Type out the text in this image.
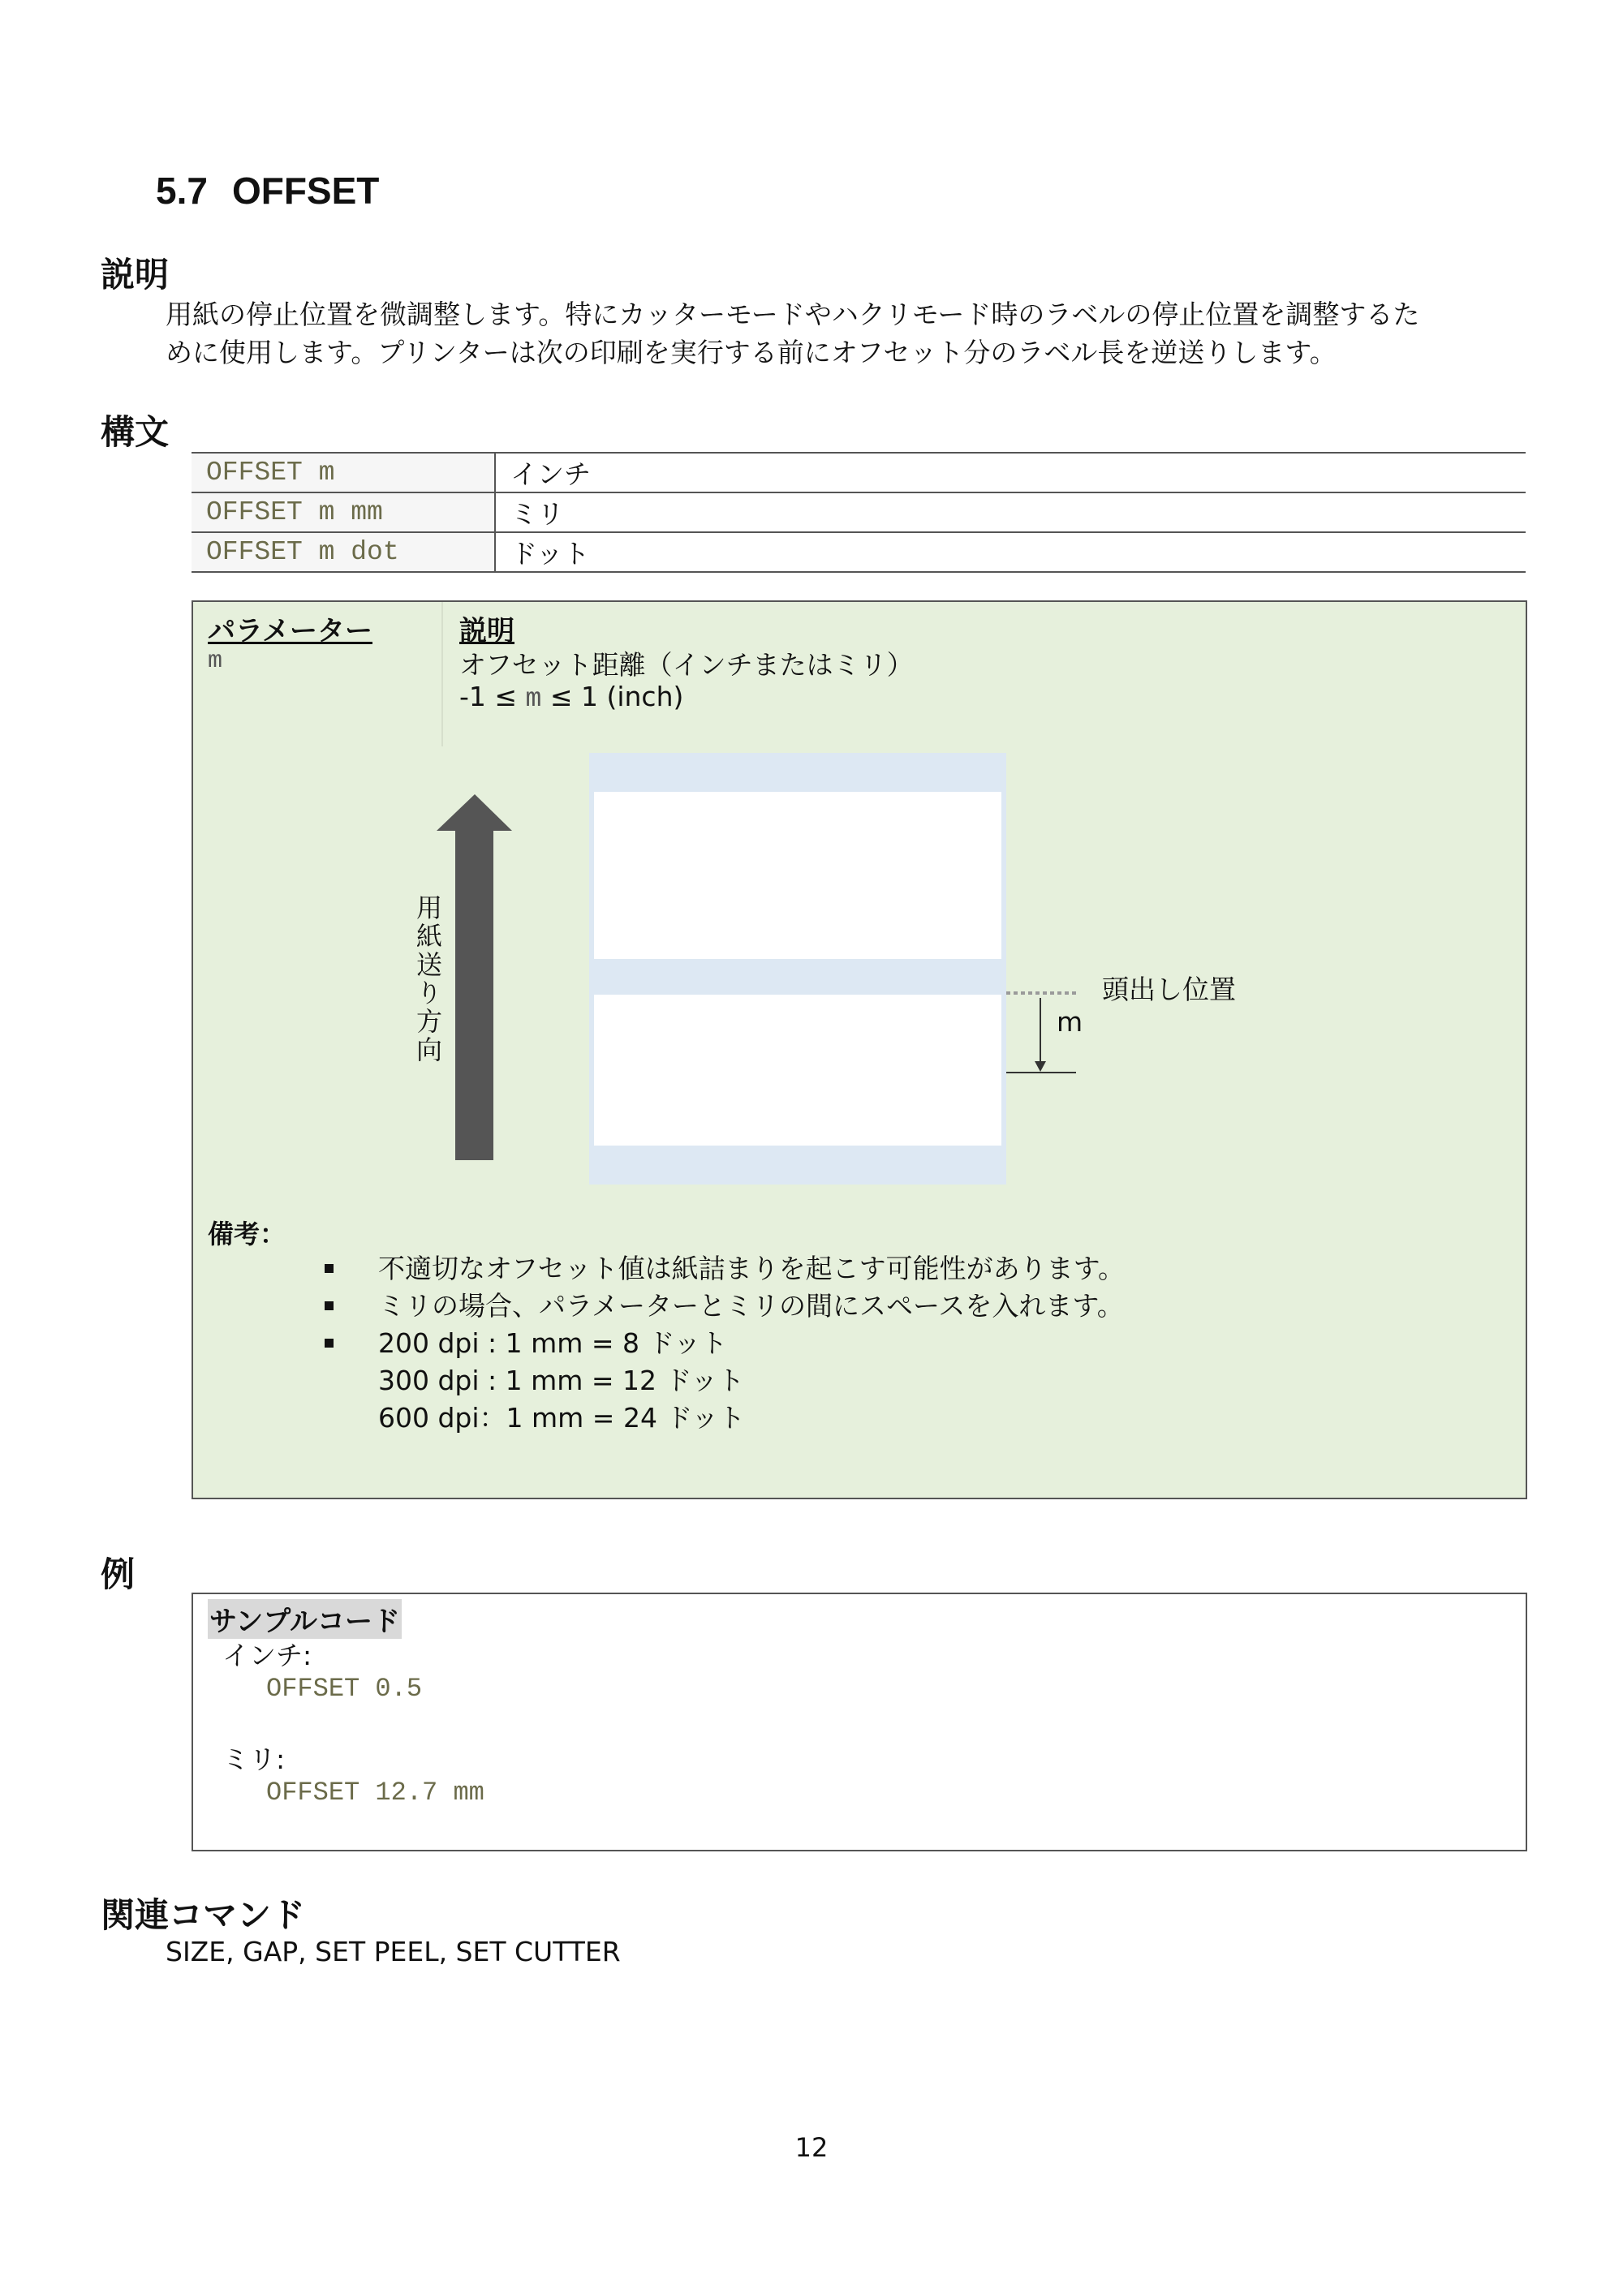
5.7 OFFSET
説明
用紙の停止位置を微調整します。特にカッターモードやハクリモード時のラベルの停止位置を調整するた
めに使用します。プリンターは次の印刷を実行する前にオフセット分のラベル長を逆送りします。
構文
OFFSET m	インチ
OFFSET m mm	ミリ
OFFSET m dot	ドット
パラメーター	説明
m	オフセット距離（インチまたはミリ）
-1 ≤ m ≤ 1 (inch)
用紙送り方向	頭出し位置
m
備考：
不適切なオフセット値は紙詰まりを起こす可能性があります。
ミリの場合、パラメーターとミリの間にスペースを入れます。
200 dpi : 1 mm = 8 ドット
300 dpi : 1 mm = 12 ドット
600 dpi：1 mm = 24 ドット
例
サンプルコード
インチ:
OFFSET 0.5
ミリ:
OFFSET 12.7 mm
関連コマンド
SIZE, GAP, SET PEEL, SET CUTTER
12
